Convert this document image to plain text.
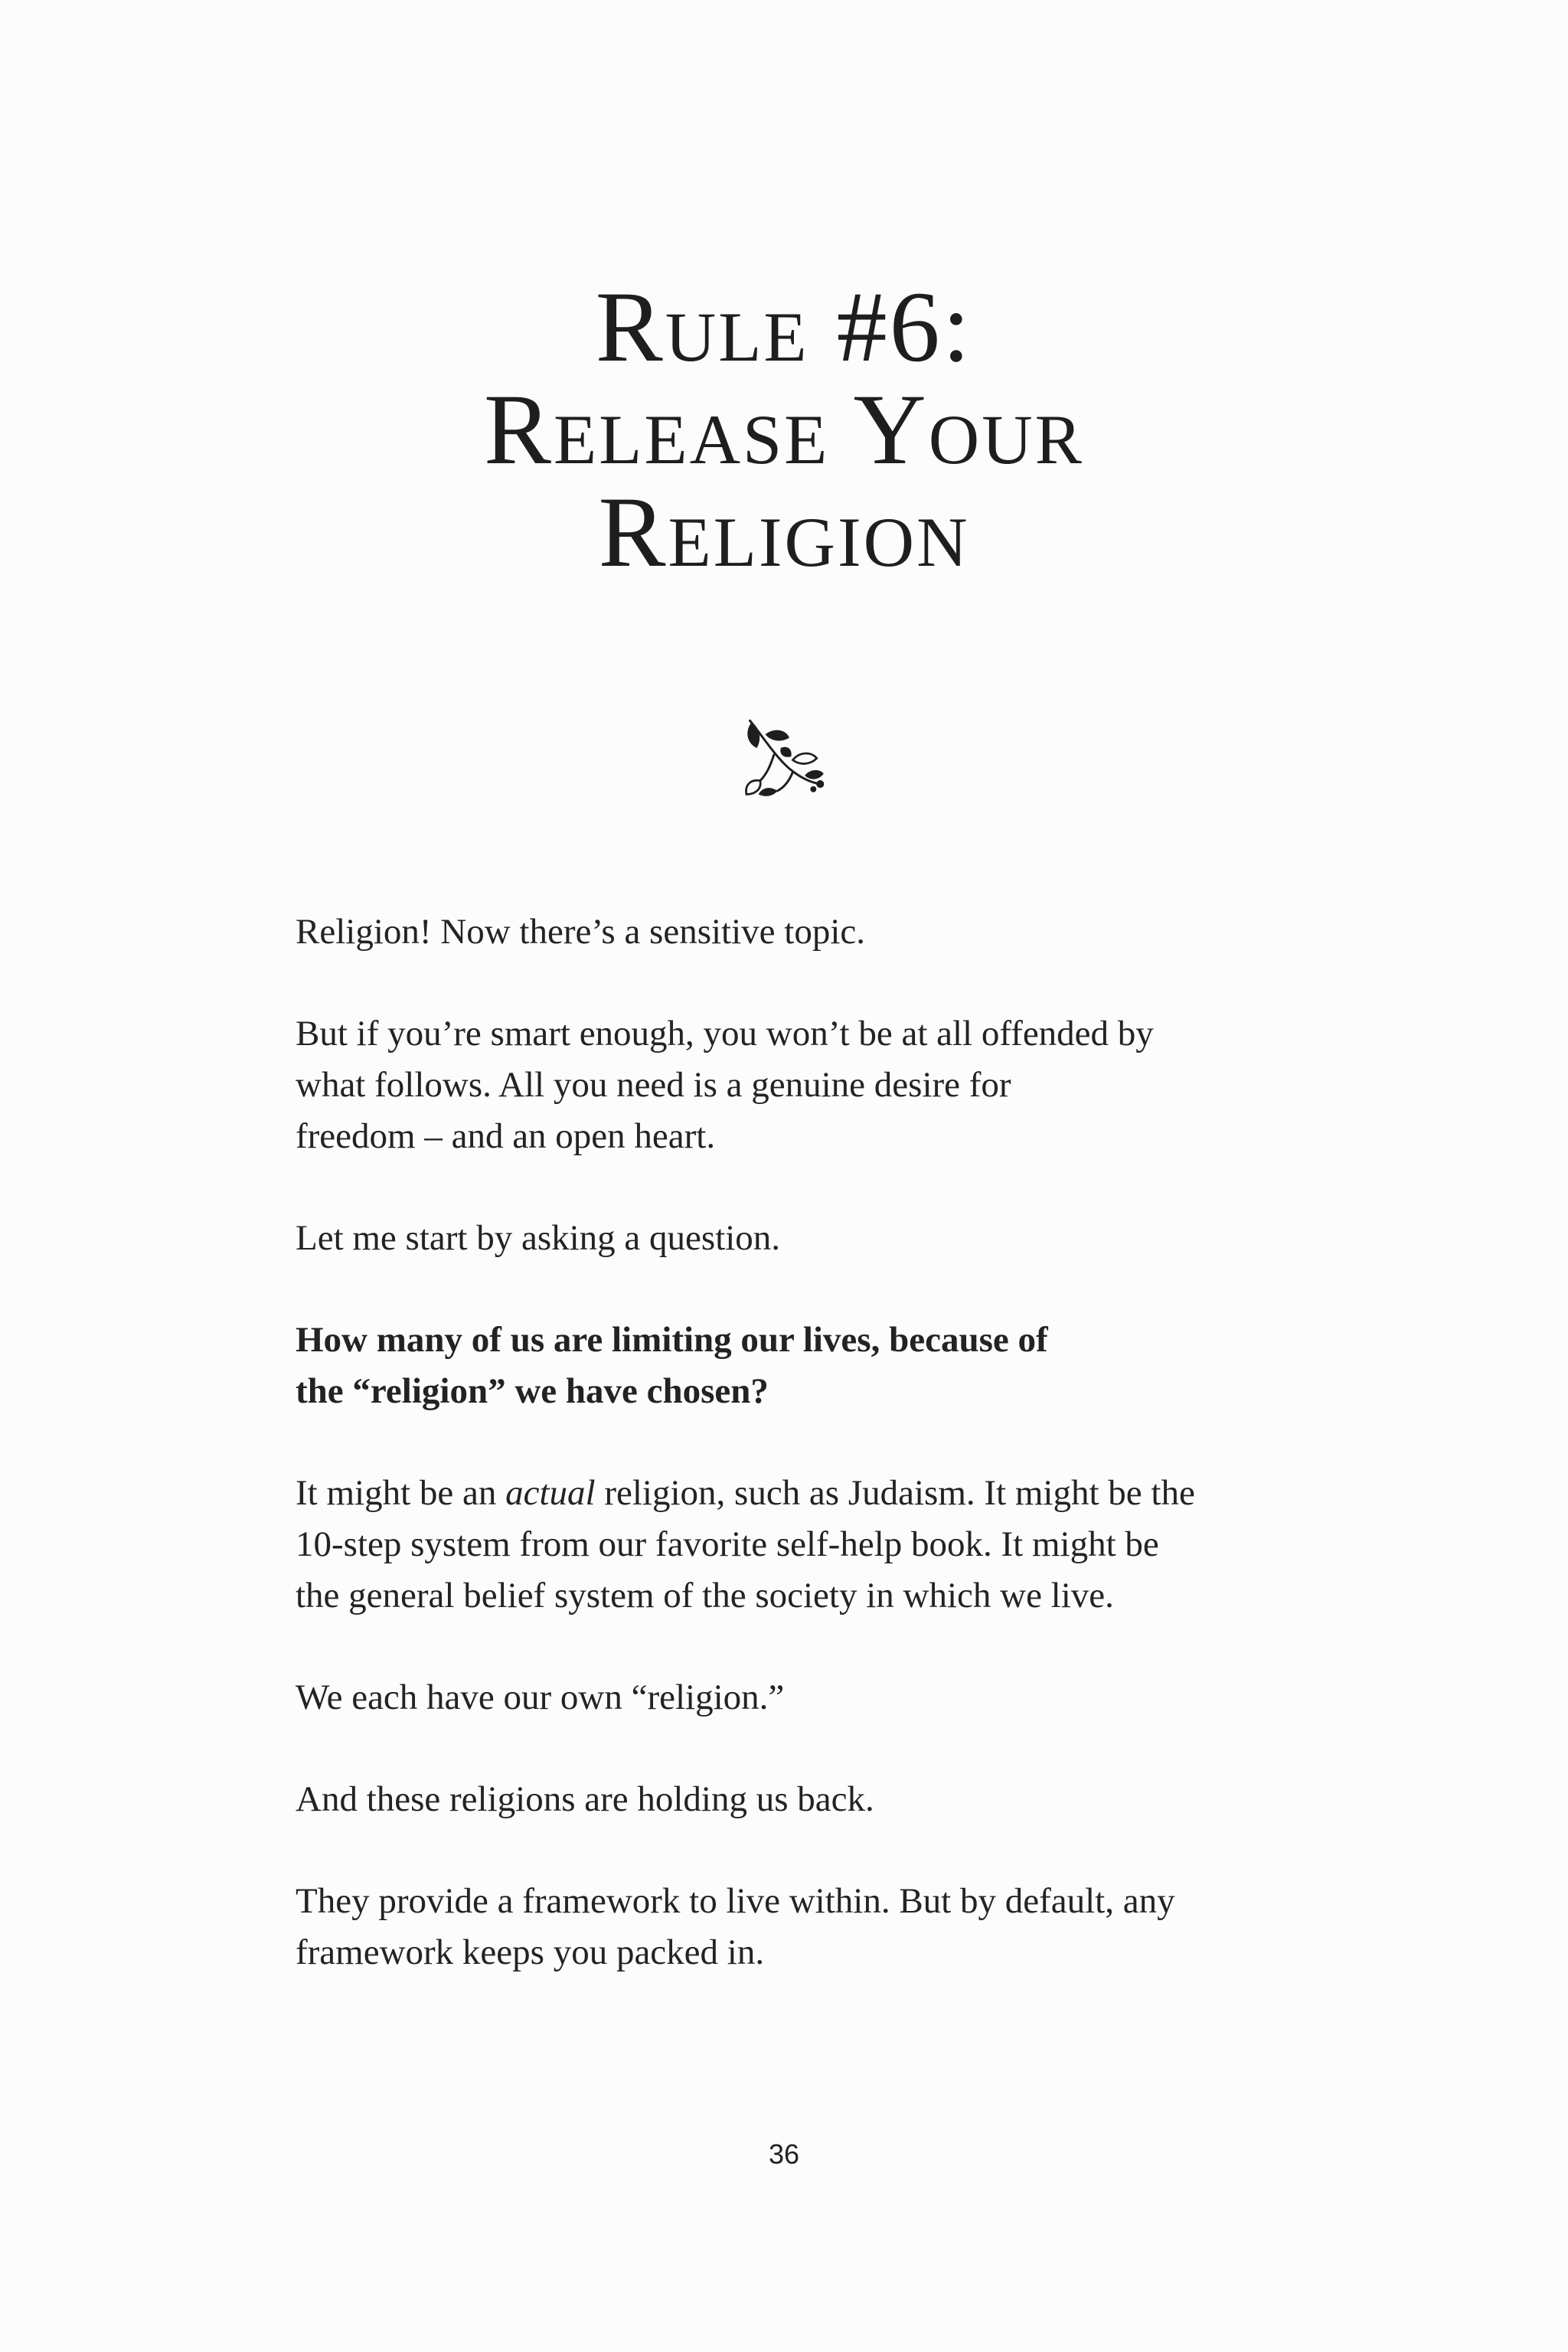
Rule #6:
Release Your
Religion

Religion! Now there’s a sensitive topic.

But if you’re smart enough, you won’t be at all offended by
what follows. All you need is a genuine desire for
freedom – and an open heart.

Let me start by asking a question.

How many of us are limiting our lives, because of
the “religion” we have chosen?

It might be an actual religion, such as Judaism. It might be the
10-step system from our favorite self-help book. It might be
the general belief system of the society in which we live.

We each have our own “religion.”

And these religions are holding us back.

They provide a framework to live within. But by default, any
framework keeps you packed in.

36
